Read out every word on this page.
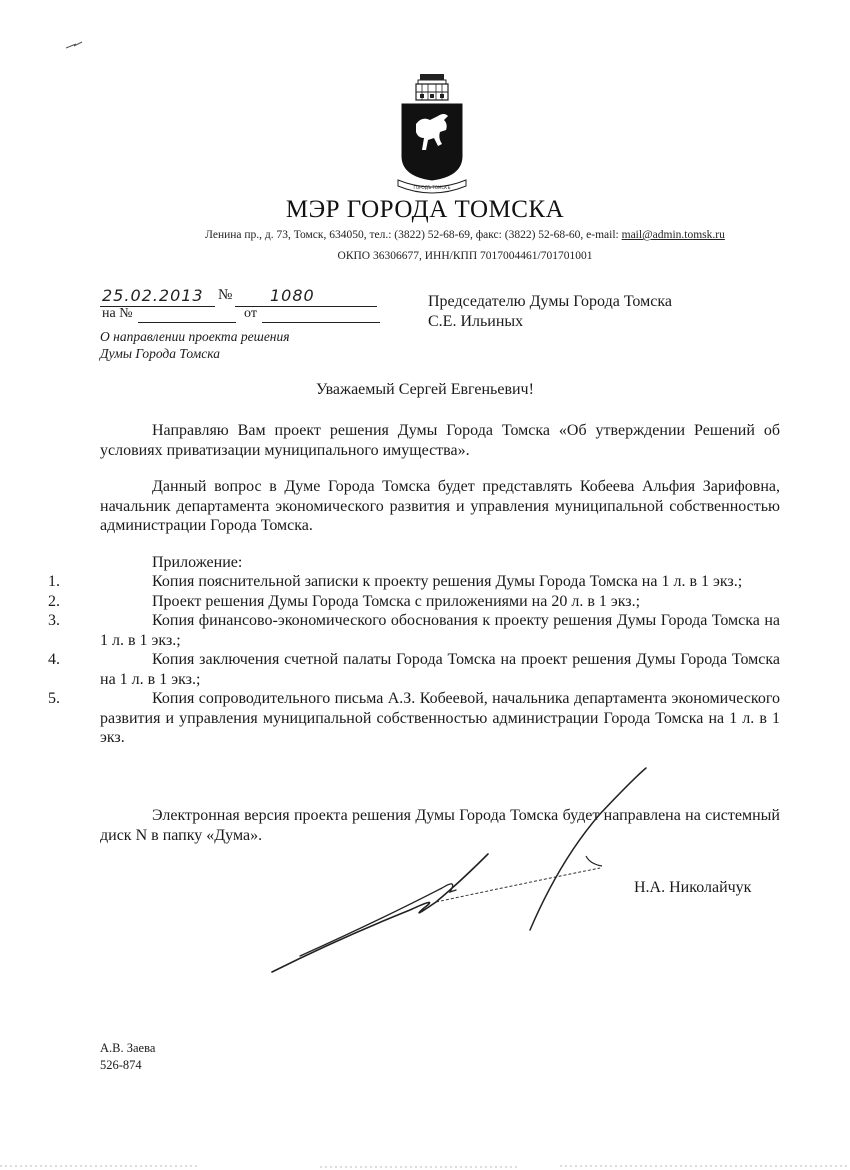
ГОРОДЪ ТОМСКЪ
МЭР ГОРОДА ТОМСКА
Ленина пр., д. 73, Томск, 634050, тел.: (3822) 52-68-69, факс: (3822) 52-68-60, e-mail: mail@admin.tomsk.ru
ОКПО 36306677, ИНН/КПП 7017004461/701701001
25.02.2013 № 1080
на №	от
О направлении проекта решения
Думы Города Томска
Председателю Думы Города Томска
С.Е. Ильиных
Уважаемый Сергей Евгеньевич!
Направляю Вам проект решения Думы Города Томска «Об утверждении Решений об условиях приватизации муниципального имущества».
Данный вопрос в Думе Города Томска будет представлять Кобеева Альфия Зарифовна, начальник департамента экономического развития и управления муниципальной собственностью администрации Города Томска.
Приложение:
1.	Копия пояснительной записки к проекту решения Думы Города Томска на 1 л. в 1 экз.;
2.	Проект решения Думы Города Томска с приложениями на 20 л. в 1 экз.;
3.	Копия финансово-экономического обоснования к проекту решения Думы Города Томска на 1 л. в 1 экз.;
4.	Копия заключения счетной палаты Города Томска на проект решения Думы Города Томска на 1 л. в 1 экз.;
5.	Копия сопроводительного письма А.З. Кобеевой, начальника департамента экономического развития и управления муниципальной собственностью администрации Города Томска на 1 л. в 1 экз.
Электронная версия проекта решения Думы Города Томска будет направлена на системный диск N в папку «Дума».
Н.А. Николайчук
А.В. Заева
526-874
